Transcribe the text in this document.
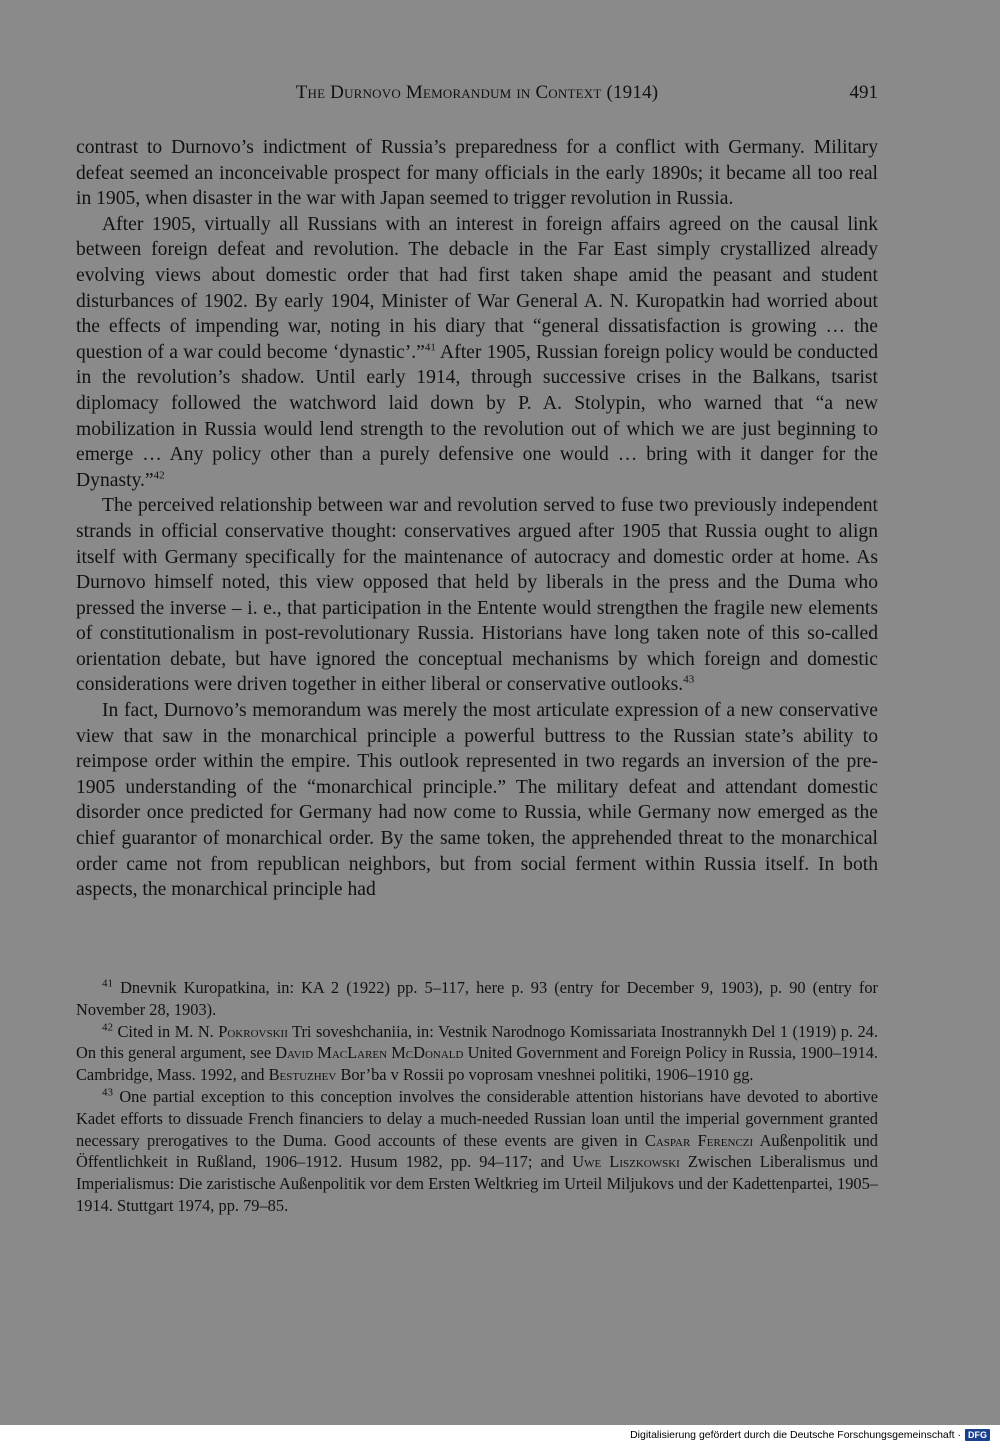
The Durnovo Memorandum in Context (1914)	491

contrast to Durnovo’s indictment of Russia’s preparedness for a conflict with Germany. Military defeat seemed an inconceivable prospect for many officials in the early 1890s; it became all too real in 1905, when disaster in the war with Japan seemed to trigger revolution in Russia.

After 1905, virtually all Russians with an interest in foreign affairs agreed on the causal link between foreign defeat and revolution. The debacle in the Far East simply crystallized already evolving views about domestic order that had first taken shape amid the peasant and student disturbances of 1902. By early 1904, Minister of War General A. N. Kuropatkin had worried about the effects of impending war, noting in his diary that “general dissatisfaction is growing … the question of a war could become ‘dynastic’.”$^{41}$ After 1905, Russian foreign policy would be conducted in the revolution’s shadow. Until early 1914, through successive crises in the Balkans, tsarist diplomacy followed the watchword laid down by P. A. Stolypin, who warned that “a new mobilization in Russia would lend strength to the revolution out of which we are just beginning to emerge … Any policy other than a purely defensive one would … bring with it danger for the Dynasty.”$^{42}$

The perceived relationship between war and revolution served to fuse two previously independent strands in official conservative thought: conservatives argued after 1905 that Russia ought to align itself with Germany specifically for the maintenance of autocracy and domestic order at home. As Durnovo himself noted, this view opposed that held by liberals in the press and the Duma who pressed the inverse – i. e., that participation in the Entente would strengthen the fragile new elements of constitutionalism in post-revolutionary Russia. Historians have long taken note of this so-called orientation debate, but have ignored the conceptual mechanisms by which foreign and domestic considerations were driven together in either liberal or conservative outlooks.$^{43}$

In fact, Durnovo’s memorandum was merely the most articulate expression of a new conservative view that saw in the monarchical principle a powerful buttress to the Russian state’s ability to reimpose order within the empire. This outlook represented in two regards an inversion of the pre-1905 understanding of the “monarchical principle.” The military defeat and attendant domestic disorder once predicted for Germany had now come to Russia, while Germany now emerged as the chief guarantor of monarchical order. By the same token, the apprehended threat to the monarchical order came not from republican neighbors, but from social ferment within Russia itself. In both aspects, the monarchical principle had

$^{41}$ Dnevnik Kuropatkina, in: KA 2 (1922) pp. 5–117, here p. 93 (entry for December 9, 1903), p. 90 (entry for November 28, 1903).

$^{42}$ Cited in M. N. Pokrovskii Tri soveshchaniia, in: Vestnik Narodnogo Komissariata Inostrannykh Del 1 (1919) p. 24. On this general argument, see David MacLaren McDonald United Government and Foreign Policy in Russia, 1900–1914. Cambridge, Mass. 1992, and Bestuzhev Bor’ba v Rossii po voprosam vneshnei politiki, 1906–1910 gg.

$^{43}$ One partial exception to this conception involves the considerable attention historians have devoted to abortive Kadet efforts to dissuade French financiers to delay a much-needed Russian loan until the imperial government granted necessary prerogatives to the Duma. Good accounts of these events are given in Caspar Ferenczi Außenpolitik und Öffentlichkeit in Rußland, 1906–1912. Husum 1982, pp. 94–117; and Uwe Liszkowski Zwischen Liberalismus und Imperialismus: Die zaristische Außenpolitik vor dem Ersten Weltkrieg im Urteil Miljukovs und der Kadettenpartei, 1905–1914. Stuttgart 1974, pp. 79–85.

Digitalisierung gefördert durch die Deutsche Forschungsgemeinschaft · DFG
